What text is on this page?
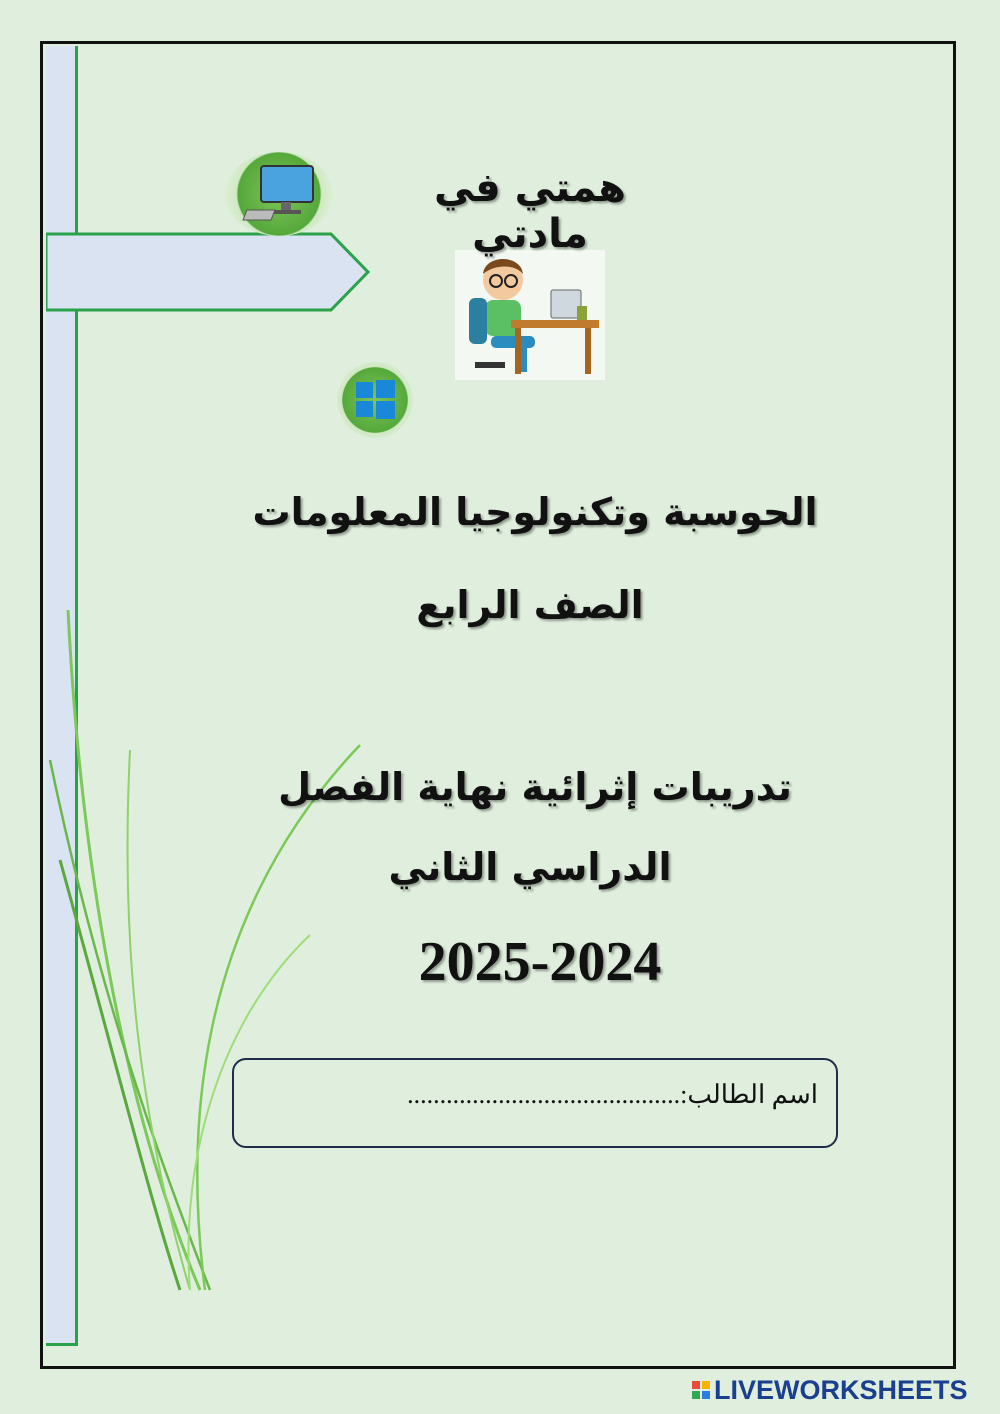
همتي في مادتي
الحوسبة وتكنولوجيا المعلومات
الصف الرابع
تدريبات إثرائية نهاية الفصل
الدراسي الثاني
2025-2024
اسم الطالب:..........................................
LIVEWORKSHEETS
